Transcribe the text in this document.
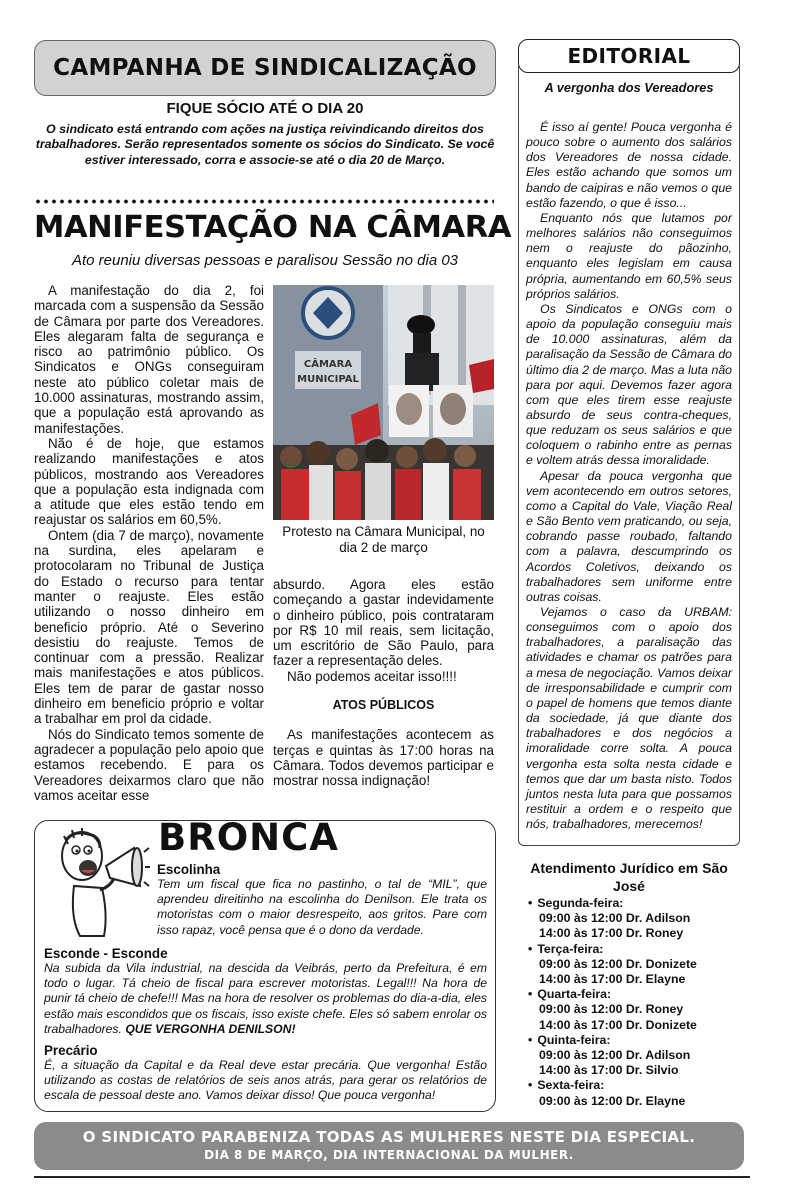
CAMPANHA DE SINDICALIZAÇÃO
FIQUE SÓCIO ATÉ O DIA 20
O sindicato está entrando com ações na justiça reivindicando direitos dos trabalhadores. Serão representados somente os sócios do Sindicato. Se você estiver interessado, corra e associe-se até o dia 20 de Março.
MANIFESTAÇÃO NA CÂMARA
Ato reuniu diversas pessoas e paralisou Sessão no dia 03

A manifestação do dia 2, foi marcada com a suspensão da Sessão de Câmara por parte dos Vereadores. Eles alegaram falta de segurança e risco ao patrimônio público. Os Sindicatos e ONGs conseguiram neste ato público coletar mais de 10.000 assinaturas, mostrando assim, que a população está aprovando as manifestações.

Não é de hoje, que estamos realizando manifestações e atos públicos, mostrando aos Vereadores que a população esta indignada com a atitude que eles estão tendo em reajustar os salários em 60,5%.

Ontem (dia 7 de março), novamente na surdina, eles apelaram e protocolaram no Tribunal de Justiça do Estado o recurso para tentar manter o reajuste. Eles estão utilizando o nosso dinheiro em beneficio próprio. Até o Severino desistiu do reajuste. Temos de continuar com a pressão. Realizar mais manifestações e atos públicos. Eles tem de parar de gastar nosso dinheiro em beneficio próprio e voltar a trabalhar em prol da cidade.

Nós do Sindicato temos somente de agradecer a população pelo apoio que estamos recebendo. E para os Vereadores deixarmos claro que não vamos aceitar esse

CÂMARA
MUNICIPAL
Protesto na Câmara Municipal, no dia 2 de março

absurdo. Agora eles estão começando a gastar indevidamente o dinheiro público, pois contrataram por R$ 10 mil reais, sem licitação, um escritório de São Paulo, para fazer a representação deles.

Não podemos aceitar isso!!!!

ATOS PÚBLICOS

As manifestações acontecem as terças e quintas às 17:00 horas na Câmara. Todos devemos participar e mostrar nossa indignação!

EDITORIAL
A vergonha dos Vereadores

É isso aí gente! Pouca vergonha é pouco sobre o aumento dos salários dos Vereadores de nossa cidade. Eles estão achando que somos um bando de caipiras e não vemos o que estão fazendo, o que é isso...

Enquanto nós que lutamos por melhores salários não conseguimos nem o reajuste do pãozinho, enquanto eles legislam em causa própria, aumentando em 60,5% seus próprios salários.

Os Sindicatos e ONGs com o apoio da população conseguiu mais de 10.000 assinaturas, além da paralisação da Sessão de Câmara do último dia 2 de março. Mas a luta não para por aqui. Devemos fazer agora com que eles tirem esse reajuste absurdo de seus contra-cheques, que reduzam os seus salários e que coloquem o rabinho entre as pernas e voltem atrás dessa imoralidade.

Apesar da pouca vergonha que vem acontecendo em outros setores, como a Capital do Vale, Viação Real e São Bento vem praticando, ou seja, cobrando passe roubado, faltando com a palavra, descumprindo os Acordos Coletivos, deixando os trabalhadores sem uniforme entre outras coisas.

Vejamos o caso da URBAM: conseguimos com o apoio dos trabalhadores, a paralisação das atividades e chamar os patrões para a mesa de negociação. Vamos deixar de irresponsabilidade e cumprir com o papel de homens que temos diante da sociedade, já que diante dos trabalhadores e dos negócios a imoralidade corre solta. A pouca vergonha esta solta nesta cidade e temos que dar um basta nisto. Todos juntos nesta luta para que possamos restituir a ordem e o respeito que nós, trabalhadores, merecemos!

Atendimento Jurídico em São José
• Segunda-feira:
09:00 às 12:00 Dr. Adilson
14:00 às 17:00 Dr. Roney
• Terça-feira:
09:00 às 12:00 Dr. Donizete
14:00 às 17:00 Dr. Elayne
• Quarta-feira:
09:00 às 12:00 Dr. Roney
14:00 às 17:00 Dr. Donizete
• Quinta-feira:
09:00 às 12:00 Dr. Adilson
14:00 às 17:00 Dr. Silvio
• Sexta-feira:
09:00 às 12:00 Dr. Elayne
BRONCA
Escolinha
Tem um fiscal que fica no pastinho, o tal de “MIL”, que aprendeu direitinho na escolinha do Denilson. Ele trata os motoristas com o maior desrespeito, aos gritos. Pare com isso rapaz, você pensa que é o dono da verdade.
Esconde - Esconde
Na subida da Vila industrial, na descida da Veibrás, perto da Prefeitura, é em todo o lugar. Tá cheio de fiscal para escrever motoristas. Legal!!! Na hora de punir tá cheio de chefe!!! Mas na hora de resolver os problemas do dia-a-dia, eles estão mais escondidos que os fiscais, isso existe chefe. Eles só sabem enrolar os trabalhadores. QUE VERGONHA DENILSON!
Precário
É, a situação da Capital e da Real deve estar precária. Que vergonha! Estão utilizando as costas de relatórios de seis anos atrás, para gerar os relatórios de escala de pessoal deste ano. Vamos deixar disso! Que pouca vergonha!
O SINDICATO PARABENIZA TODAS AS MULHERES NESTE DIA ESPECIAL.
DIA 8 DE MARÇO, DIA INTERNACIONAL DA MULHER.
